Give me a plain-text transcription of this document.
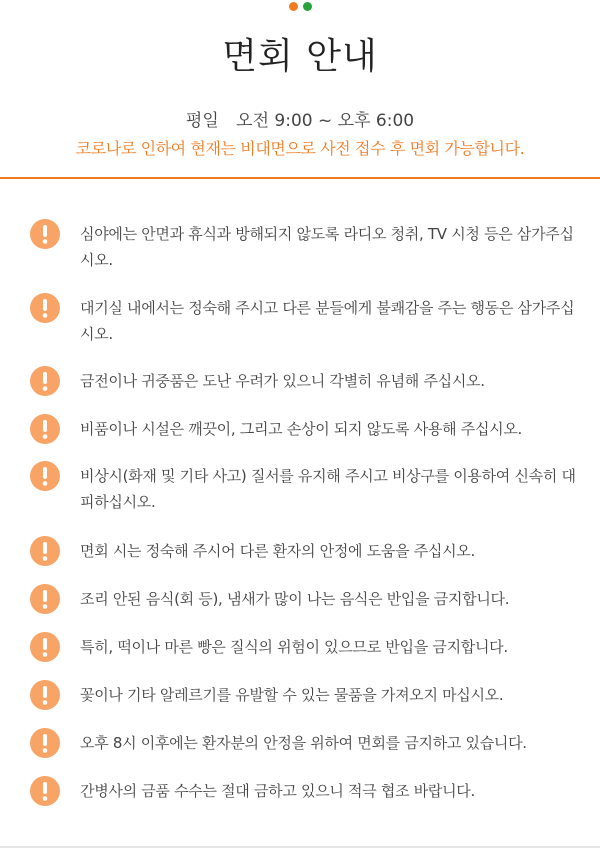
면회 안내
평일 오전 9:00 ~ 오후 6:00
코로나로 인하여 현재는 비대면으로 사전 접수 후 면회 가능합니다.
심야에는 안면과 휴식과 방해되지 않도록 라디오 청취, TV 시청 등은 삼가주십시오.
대기실 내에서는 정숙해 주시고 다른 분들에게 불쾌감을 주는 행동은 삼가주십시오.
금전이나 귀중품은 도난 우려가 있으니 각별히 유념해 주십시오.
비품이나 시설은 깨끗이, 그리고 손상이 되지 않도록 사용해 주십시오.
비상시(화재 및 기타 사고) 질서를 유지해 주시고 비상구를 이용하여 신속히 대피하십시오.
면회 시는 정숙해 주시어 다른 환자의 안정에 도움을 주십시오.
조리 안된 음식(회 등), 냄새가 많이 나는 음식은 반입을 금지합니다.
특히, 떡이나 마른 빵은 질식의 위험이 있으므로 반입을 금지합니다.
꽃이나 기타 알레르기를 유발할 수 있는 물품을 가져오지 마십시오.
오후 8시 이후에는 환자분의 안정을 위하여 면회를 금지하고 있습니다.
간병사의 금품 수수는 절대 금하고 있으니 적극 협조 바랍니다.
